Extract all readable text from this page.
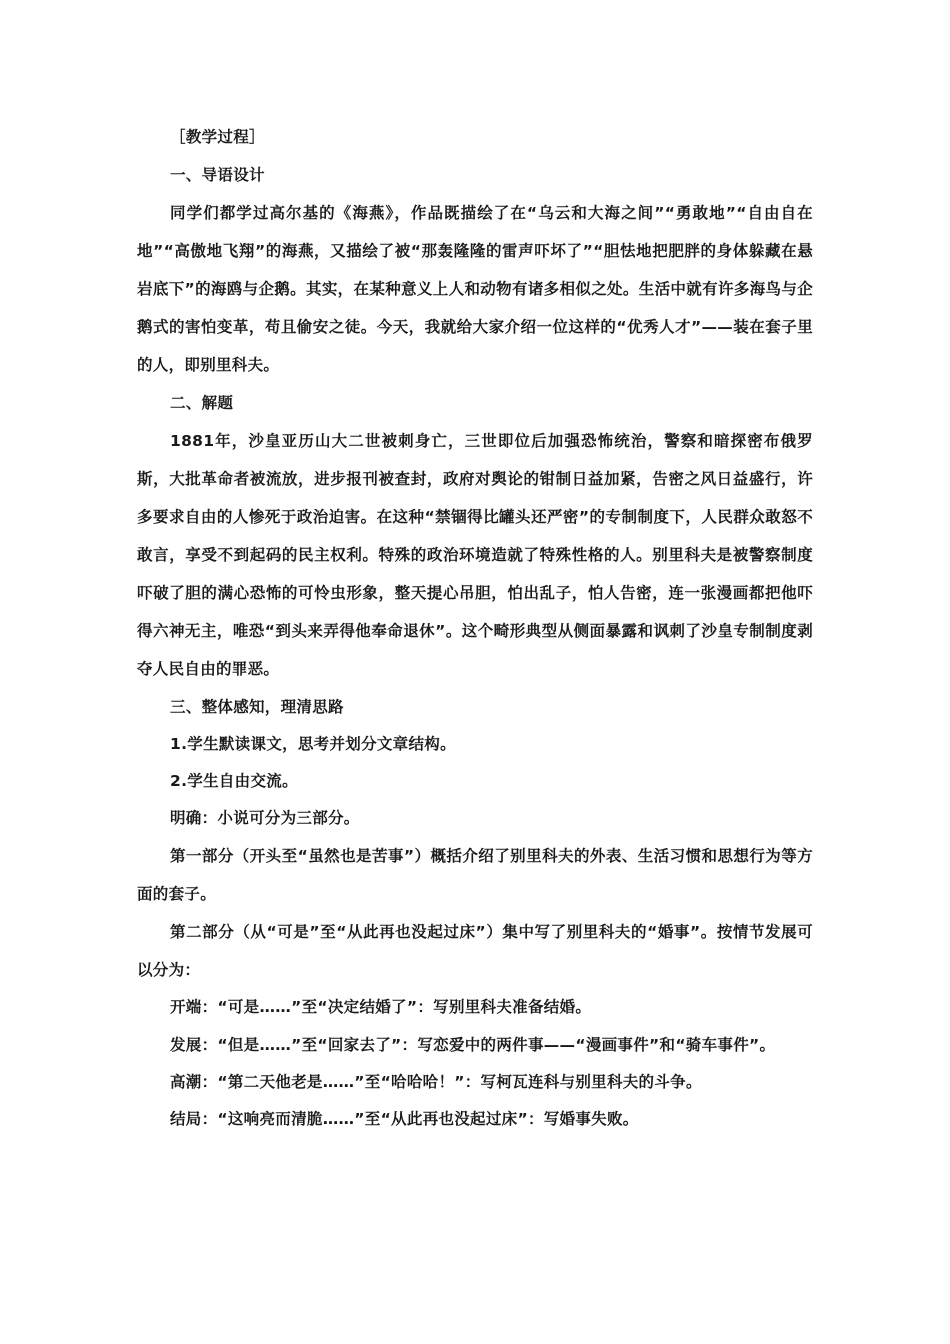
［教学过程］

一、导语设计

同学们都学过高尔基的《海燕》，作品既描绘了在“乌云和大海之间”“勇敢地”“自由自在地”“高傲地飞翔”的海燕，又描绘了被“那轰隆隆的雷声吓坏了”“胆怯地把肥胖的身体躲藏在悬岩底下”的海鸥与企鹅。其实，在某种意义上人和动物有诸多相似之处。生活中就有许多海鸟与企鹅式的害怕变革，苟且偷安之徒。今天，我就给大家介绍一位这样的“优秀人才”——装在套子里的人，即别里科夫。

二、解题

1881年，沙皇亚历山大二世被刺身亡，三世即位后加强恐怖统治，警察和暗探密布俄罗斯，大批革命者被流放，进步报刊被查封，政府对舆论的钳制日益加紧，告密之风日益盛行，许多要求自由的人惨死于政治迫害。在这种“禁锢得比罐头还严密”的专制制度下，人民群众敢怒不敢言，享受不到起码的民主权利。特殊的政治环境造就了特殊性格的人。别里科夫是被警察制度吓破了胆的满心恐怖的可怜虫形象，整天提心吊胆，怕出乱子，怕人告密，连一张漫画都把他吓得六神无主，唯恐“到头来弄得他奉命退休”。这个畸形典型从侧面暴露和讽刺了沙皇专制制度剥夺人民自由的罪恶。

三、整体感知，理清思路

1.学生默读课文，思考并划分文章结构。

2.学生自由交流。

明确：小说可分为三部分。

第一部分（开头至“虽然也是苦事”）概括介绍了别里科夫的外表、生活习惯和思想行为等方面的套子。

第二部分（从“可是”至“从此再也没起过床”）集中写了别里科夫的“婚事”。按情节发展可以分为：

开端：“可是……”至“决定结婚了”：写别里科夫准备结婚。

发展：“但是……”至“回家去了”：写恋爱中的两件事——“漫画事件”和“骑车事件”。

高潮：“第二天他老是……”至“哈哈哈！”：写柯瓦连科与别里科夫的斗争。

结局：“这响亮而清脆……”至“从此再也没起过床”：写婚事失败。
